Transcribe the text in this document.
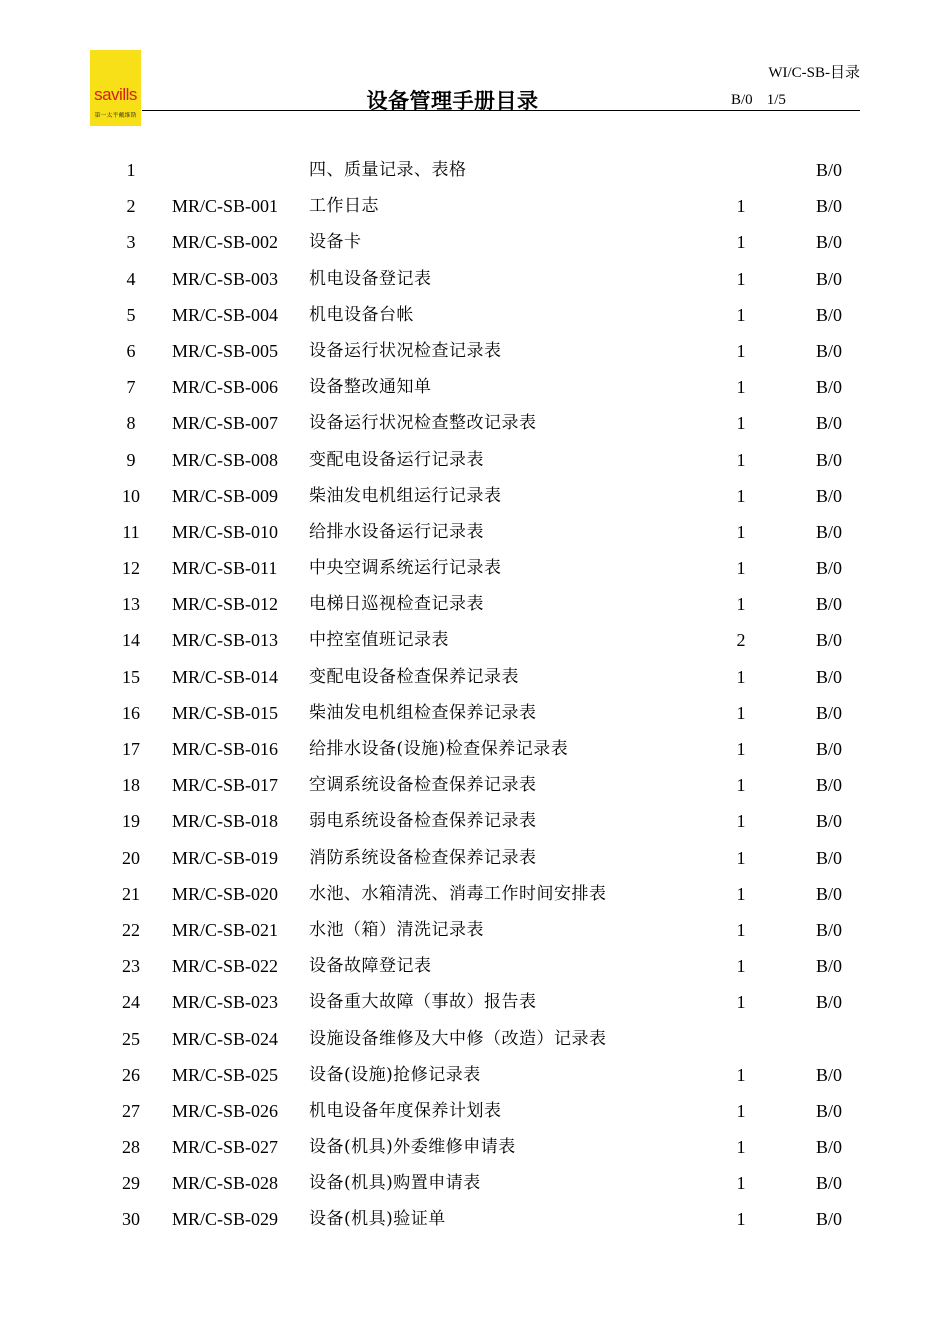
savills
第一太平戴维斯
WI/C-SB-目录
设备管理手册目录	B/0 1/5
1	四、质量记录、表格	B/0
2	MR/C-SB-001 工作日志	1	B/0
3	MR/C-SB-002 设备卡	1	B/0
4	MR/C-SB-003 机电设备登记表	1	B/0
5	MR/C-SB-004 机电设备台帐	1	B/0
6	MR/C-SB-005 设备运行状况检查记录表	1	B/0
7	MR/C-SB-006 设备整改通知单	1	B/0
8	MR/C-SB-007 设备运行状况检查整改记录表	1	B/0
9	MR/C-SB-008 变配电设备运行记录表	1	B/0
10	MR/C-SB-009 柴油发电机组运行记录表	1	B/0
11	MR/C-SB-010 给排水设备运行记录表	1	B/0
12	MR/C-SB-011 中央空调系统运行记录表	1	B/0
13	MR/C-SB-012 电梯日巡视检查记录表	1	B/0
14	MR/C-SB-013 中控室值班记录表	2	B/0
15	MR/C-SB-014 变配电设备检查保养记录表	1	B/0
16	MR/C-SB-015 柴油发电机组检查保养记录表	1	B/0
17	MR/C-SB-016 给排水设备(设施)检查保养记录表	1	B/0
18	MR/C-SB-017 空调系统设备检查保养记录表	1	B/0
19	MR/C-SB-018 弱电系统设备检查保养记录表	1	B/0
20	MR/C-SB-019 消防系统设备检查保养记录表	1	B/0
21	MR/C-SB-020 水池、水箱清洗、消毒工作时间安排表	1	B/0
22	MR/C-SB-021 水池（箱）清洗记录表	1	B/0
23	MR/C-SB-022 设备故障登记表	1	B/0
24	MR/C-SB-023 设备重大故障（事故）报告表	1	B/0
25	MR/C-SB-024 设施设备维修及大中修（改造）记录表
26	MR/C-SB-025 设备(设施)抢修记录表	1	B/0
27	MR/C-SB-026 机电设备年度保养计划表	1	B/0
28	MR/C-SB-027 设备(机具)外委维修申请表	1	B/0
29	MR/C-SB-028 设备(机具)购置申请表	1	B/0
30	MR/C-SB-029 设备(机具)验证单	1	B/0
